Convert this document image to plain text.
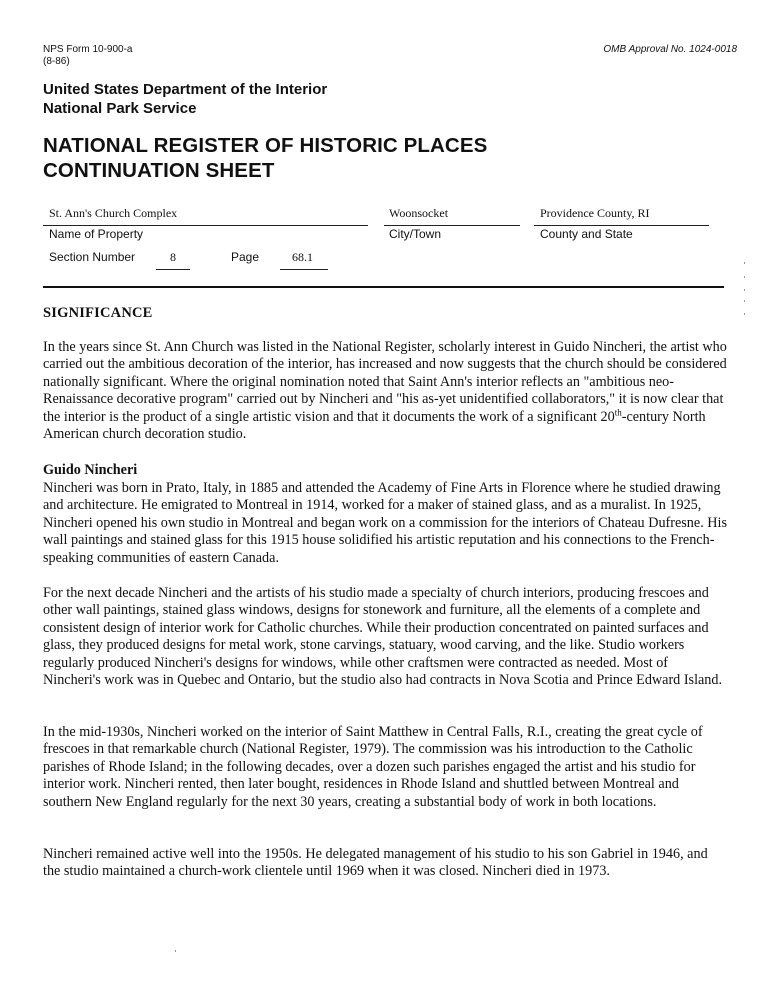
NPS Form 10-900-a
(8-86)
OMB Approval No. 1024-0018
United States Department of the Interior
National Park Service
NATIONAL REGISTER OF HISTORIC PLACES
CONTINUATION SHEET
St. Ann's Church Complex
Name of Property
Woonsocket
City/Town
Providence County, RI
County and State
Section Number	8	Page	68.1
SIGNIFICANCE

In the years since St. Ann Church was listed in the National Register, scholarly interest in Guido Nincheri, the artist who carried out the ambitious decoration of the interior, has increased and now suggests that the church should be considered nationally significant. Where the original nomination noted that Saint Ann's interior reflects an "ambitious neo-Renaissance decorative program" carried out by Nincheri and "his as-yet unidentified collaborators," it is now clear that the interior is the product of a single artistic vision and that it documents the work of a significant 20th-century North American church decoration studio.

Guido Nincheri

Nincheri was born in Prato, Italy, in 1885 and attended the Academy of Fine Arts in Florence where he studied drawing and architecture. He emigrated to Montreal in 1914, worked for a maker of stained glass, and as a muralist. In 1925, Nincheri opened his own studio in Montreal and began work on a commission for the interiors of Chateau Dufresne. His wall paintings and stained glass for this 1915 house solidified his artistic reputation and his connections to the French-speaking communities of eastern Canada.

For the next decade Nincheri and the artists of his studio made a specialty of church interiors, producing frescoes and other wall paintings, stained glass windows, designs for stonework and furniture, all the elements of a complete and consistent design of interior work for Catholic churches. While their production concentrated on painted surfaces and glass, they produced designs for metal work, stone carvings, statuary, wood carving, and the like. Studio workers regularly produced Nincheri's designs for windows, while other craftsmen were contracted as needed. Most of Nincheri's work was in Quebec and Ontario, but the studio also had contracts in Nova Scotia and Prince Edward Island.

In the mid-1930s, Nincheri worked on the interior of Saint Matthew in Central Falls, R.I., creating the great cycle of frescoes in that remarkable church (National Register, 1979). The commission was his introduction to the Catholic parishes of Rhode Island; in the following decades, over a dozen such parishes engaged the artist and his studio for interior work. Nincheri rented, then later bought, residences in Rhode Island and shuttled between Montreal and southern New England regularly for the next 30 years, creating a substantial body of work in both locations.

Nincheri remained active well into the 1950s. He delegated management of his studio to his son Gabriel in 1946, and the studio maintained a church-work clientele until 1969 when it was closed. Nincheri died in 1973.
